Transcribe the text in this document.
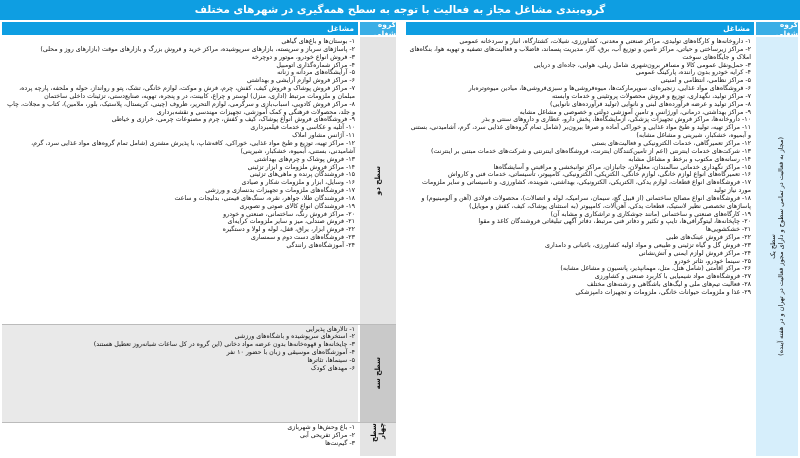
گروه‌بندی مشاغل مجاز به فعالیت با توجه به سطح همه‌گیری در شهرهای مختلف
گروه شغلی
مشاغل
سطح یک (مجاز به فعالیت در تمامی سطوح و دارای مجوز فعالیت در تهران و در هفته آینده)
۱- دارو‌خانه‌ها و کارگاه‌های تولیدی، مراکز صنعتی و معدنی، کشاورزی، شیلات، کشتارگاه، انبار و سردخانه عمومی
۲- مراکز زیرساختی و حیاتی، مراکز تامین و توزیع آب، برق، گاز، مدیریت پسماند، فاضلاب و فعالیت‌های تصفیه و تهویه هوا، بنگاه‌های املاک و جایگاه‌های سوخت
۳- حمل‌ونقل عمومی کالا و مسافر برون‌شهری شامل ریلی، هوایی، جاده‌ای و دریایی
۴- کرایه خودرو بدون راننده، پارکینگ عمومی
۵- مراکز نظامی، انتظامی و امنیتی
۶- فروشگاه‌های مواد غذایی، زنجیره‌ای، سوپرمارکت‌ها، میوه‌فروشی‌ها و سبزی‌فروشی‌ها، میادین میوه‌وتره‌بار
۷- مراکز تولید، نگهداری، توزیع و فروش محصولات پروتئینی و خدمات وابسته
۸- مراکز تولید و عرضه فرآورده‌های لبنی و نانوایی (تولید فرآورده‌های نانوایی)
۹- مراکز بهداشتی، درمانی، اورژانس و تامین آموزشی دولتی و خصوصی و مشاغل مشابه
۱۰- داروخانه‌ها، مراکز فروش تجهیزات پزشکی، آزمایشگاه‌ها، پخش دارو، عطاری و داروهای سنتی و بذر
۱۱- مراکز تهیه، تولید و طبخ مواد غذایی و خوراکی آماده و صرفا بیرون‌بر (شامل تمام گروه‌های غذایی سرد، گرم، آشامیدنی، بستنی و آبمیوه، خشکبار، شیرینی و مشاغل مشابه)
۱۲- مراکز تعمیرگاهی، خدمات الکترونیکی و فعالیت‌های بستی
۱۳- شرکت‌های خدمات اینترنتی (اعم از تامین‌کنندگان اینترنت، فروشگاه‌های اینترنتی و شرکت‌های خدمات مبتنی بر اینترنت)
۱۴- رسانه‌های مکتوب و برخط و مشاغل مشابه
۱۵- مراکز نگهداری خدماتی سالمندان، معلولان، جانبازان، مراکز توانبخشی و مراقبتی و آسایشگاه‌ها
۱۶- تعمیرگاه‌های انواع لوازم خانگی، لوازم خانگی، الکتریکی، الکترونیکی، کامپیوتر، تأسیساتی، خدمات فنی و کارواش
۱۷- فروشگاه‌های انواع قطعات، لوازم یدکی، الکتریکی، الکترونیکی، بهداشتی، شوینده، کشاورزی، و تاسیساتی و سایر ملزومات مورد نیاز تولید
۱۸- فروشگاه‌های انواع مصالح ساختمانی (از قبیل گچ، سیمان، سرامیک، لوله و اتصالات)، محصولات فولادی (آهن و آلومینیوم) و پاساژهای تخصصی نظیر لاستیک، قطعات یدکی، آهن‌آلات، کامپیوتر (به استثنای پوشاک، کیف، کفش و موبایل)
۱۹- کارگاه‌های صنعتی و ساختمانی (مانند جوشکاری و تراشکاری و مشابه آن)
۲۰- چاپخانه‌ها، لیتوگرافی‌ها، تایپ و تکثیر و دفاتر فنی مرتبط، دفاتر آگهی تبلیغاتی فروشندگان کاغذ و مقوا
۲۱- خشکشویی‌ها
۲۲- مراکز فروش عینک‌های طبی
۲۳- فروش گل و گیاه تزئینی و طبیعی و مواد اولیه کشاورزی، باغبانی و دامداری
۲۴- مراکز فروش لوازم ایمنی و آتش‌نشانی
۲۵- سینما خودرو، تئاتر خودرو
۲۶- مراکز اقامتی (شامل هتل، متل، مهمانپذیر، پانسیون و مشاغل مشابه)
۲۷- فروشگاه‌های مواد شیمیایی با کاربرد صنعتی و کشاورزی
۲۸- فعالیت تیم‌های ملی و لیگ‌های باشگاهی و رشته‌های مختلف
۲۹- غذا و ملزومات حیوانات خانگی، ملزومات و تجهیزات دامپزشکی
گروه شغلی
مشاغل
سطح دو
۱- بوستان‌ها و باغ‌های گیاهی
۲- پاساژهای سرباز و سرپسته، بازارهای سرپوشیده، مراکز خرید و فروش بزرگ و بازارهای موقت (بازارهای روز و محلی)
۳- فروش انواع خودرو، موتور و دوچرخه
۴- مراکز شماره‌گذاری اتومبیل
۵- آرایشگاه‌های مردانه و زنانه
۶- مراکز فروش لوازم آرایشی و بهداشتی
۷- مراکز فروش پوشاک و فروش کیف، کفش، چرم، فرش و موکت، لوازم خانگی، تشک، پتو و روانداز، حوله و ملحفه، پارچه پرده، مبلمان و ملزومات مرتبط (اداری، منزل) لوستر و چراغ، کابینت، در و پنجره، تهویه، صنایع‌دستی، تزئینات داخلی ساختمان
۸- مراکز فروش کادویی، اسباب‌بازی و سرگرمی، لوازم التحریر، ظروف (چینی، کریستال، پلاستیک، بلور، ملامین)، کتاب و مجلات، چاپ و جلد، محصولات فرهنگی و کمک آموزشی، تجهیزات مهندسی و نقشه‌برداری
۹- فروشگاه‌های فروش انواع پوشاک، کیف و کفش، چرم و مصنوعات چرمی، خرازی و خیاطی
۱۰- آتلیه و عکاسی و خدمات فیلمبرداری
۱۱- آژانس مشاور املاک
۱۲- مراکز تهیه، توزیع و طبخ مواد غذایی، خوراکی، کافه‌شاپ، با پذیرش مشتری (شامل تمام گروه‌های مواد غذایی سرد، گرم، آشامیدنی، بستنی، آبمیوه، خشکبار، شیرینی)
۱۳- فروش پوشاک و چرم‌های بهداشتی
۱۴- مراکز فروش ملزومات و ابزار تزئینی
۱۵- فروشندگان پرنده و ماهی‌های تزئینی
۱۶- وسایل، ابزار و ملزومات شکار و صیادی
۱۷- فروشگاه‌های ملزومات و تجهیزات بدنسازی و ورزشی
۱۸- فروشندگان طلا، جواهر، نقره، سنگ‌های قیمتی، بدلیجات و ساعت
۱۹- فروشندگان انواع کالای صوتی و تصویری
۲۰- مراکز فروش رنگ، ساختمانی، صنعتی و خودرو
۲۱- فروش صندلی، میز و سایر ملزومات کرایه‌ای
۲۲- فروش ابزار، یراق، قفل، لوله و لولا و دستگیره
۲۳- فروشگاه‌های دست دوم و سمساری
۲۴- آموزشگاه‌های رانندگی
سطح سه
۱- تالارهای پذیرایی
۲- استخرهای سرپوشیده و باشگاه‌های ورزشی
۳- چایخانه‌ها و قهوه‌خانه‌ها بدون عرضه مواد دخانی (این گروه در کل ساعات شبانه‌روز تعطیل هستند)
۴- آموزشگاه‌های موسیقی و زبان با حضور ۱۰ نفر
۵- سینماها، تئاترها
۶- مهدهای کودک
سطح چهار
۱- باغ وحش‌ها و شهربازی
۲- مراکز تفریحی آبی
۳- گیم‌نت‌ها
